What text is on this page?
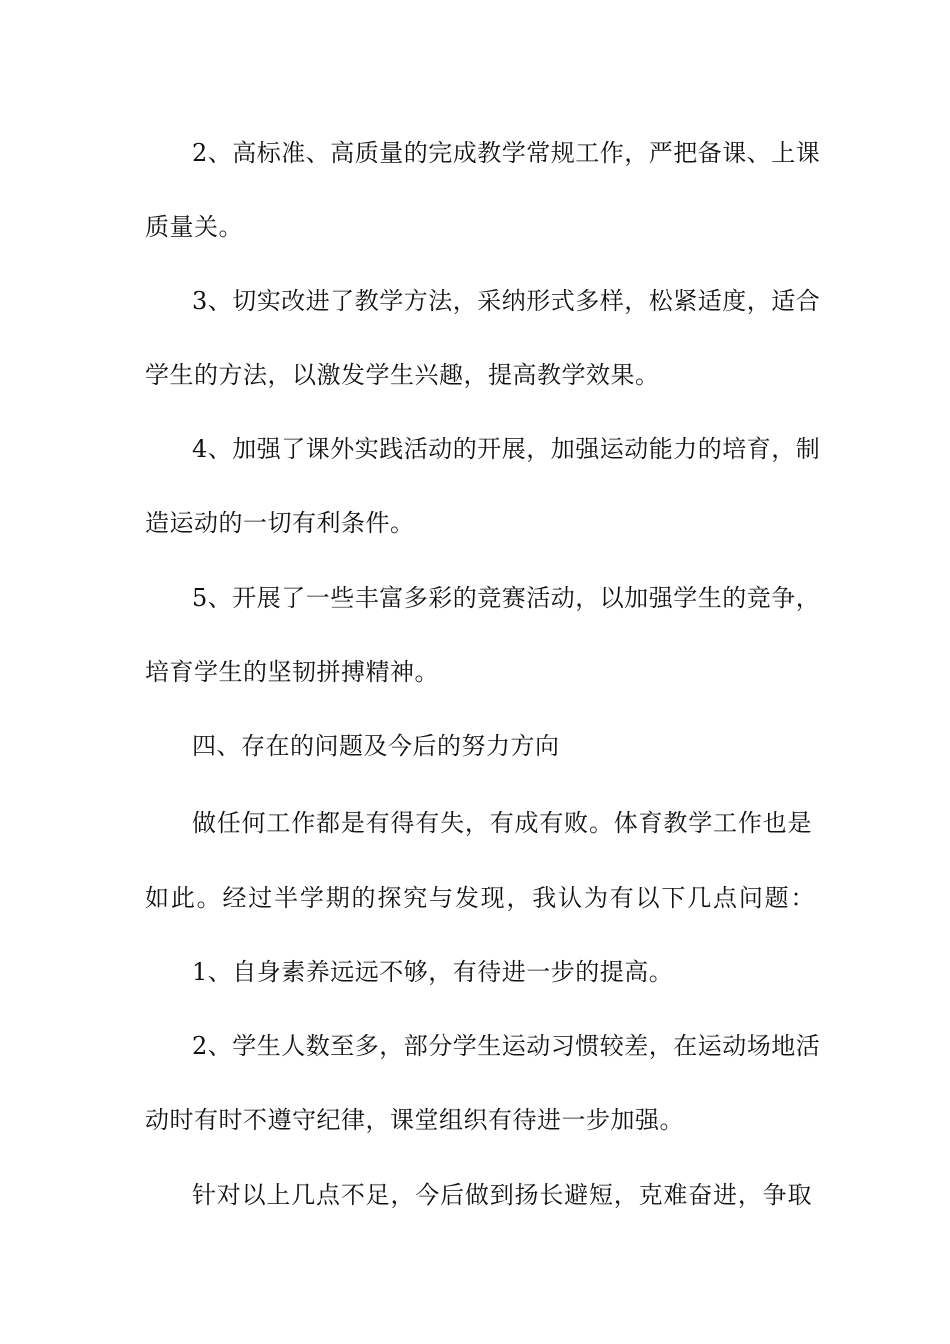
2、高标准、高质量的完成教学常规工作，严把备课、上课
质量关。
3、切实改进了教学方法，采纳形式多样，松紧适度，适合
学生的方法，以激发学生兴趣，提高教学效果。
4、加强了课外实践活动的开展，加强运动能力的培育，制
造运动的一切有利条件。
5、开展了一些丰富多彩的竞赛活动，以加强学生的竞争，
培育学生的坚韧拼搏精神。
四、存在的问题及今后的努力方向
做任何工作都是有得有失，有成有败。体育教学工作也是
如此。经过半学期的探究与发现，我认为有以下几点问题：
1、自身素养远远不够，有待进一步的提高。
2、学生人数至多，部分学生运动习惯较差，在运动场地活
动时有时不遵守纪律，课堂组织有待进一步加强。
针对以上几点不足，今后做到扬长避短，克难奋进，争取
